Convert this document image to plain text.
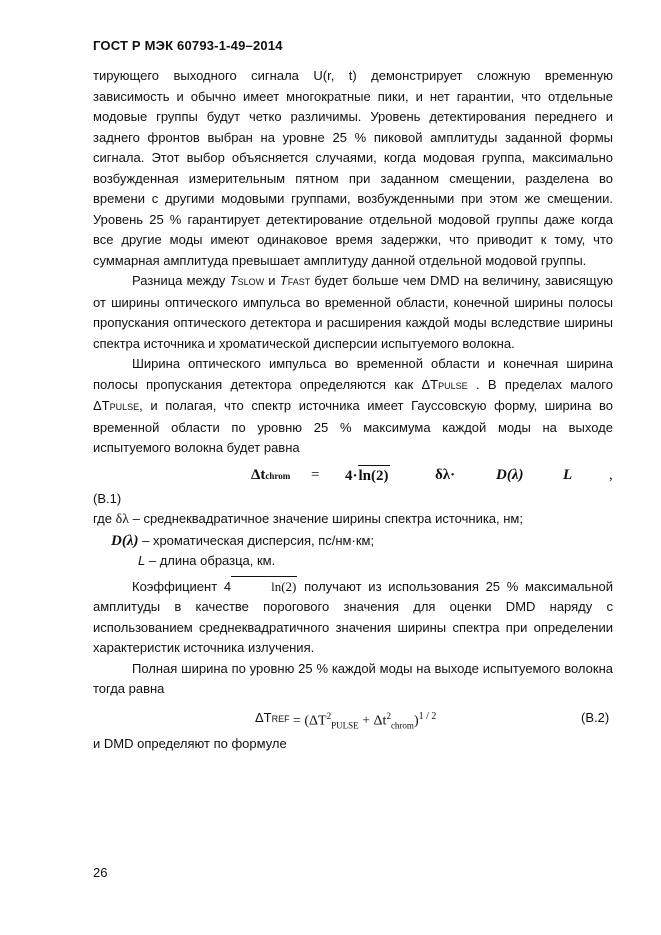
ГОСТ Р МЭК 60793-1-49–2014

тирующего выходного сигнала U(r, t) демонстрирует сложную временную зависимость и обычно имеет многократные пики, и нет гарантии, что отдельные модовые группы будут четко различимы. Уровень детектирования переднего и заднего фронтов выбран на уровне 25 % пиковой амплитуды заданной формы сигнала. Этот выбор объясняется случаями, когда модовая группа, максимально возбужденная измерительным пятном при заданном смещении, разделена во времени с другими модовыми группами, возбужденными при этом же смещении. Уровень 25 % гарантирует детектирование отдельной модовой группы даже когда все другие моды имеют одинаковое время задержки, что приводит к тому, что суммарная амплитуда превышает амплитуду данной отдельной модовой группы.

Разница между TSLOW и TFAST будет больше чем DMD на величину, зависящую от ширины оптического импульса во временной области, конечной ширины полосы пропускания оптического детектора и расширения каждой моды вследствие ширины спектра источника и хроматической дисперсии испытуемого волокна.

Ширина оптического импульса во временной области и конечная ширина полосы пропускания детектора определяются как ΔTPULSE . В пределах малого ΔTPULSE, и полагая, что спектр источника имеет Гауссовскую форму, ширина во временной области по уровню 25 % максимума каждой моды на выходе испытуемого волокна будет равна

Δtchrom = 4·ln(2)	δλ·	D(λ)	L ,

(B.1)

где δλ – среднеквадратичное значение ширины спектра источника, нм;

D(λ) – хроматическая дисперсия, пс/нм·км;

L – длина образца, км.

Коэффициент 4	ln(2) получают из использования 25 % максимальной амплитуды в качестве порогового значения для оценки DMD наряду с использованием среднеквадратичного значения ширины спектра при определении характеристик источника излучения.

Полная ширина по уровню 25 % каждой моды на выходе испытуемого волокна тогда равна

ΔTREF = $(\Delta T^2_{PULSE} + \Delta t^2_{chrom})^{1 / 2}$	(B.2)

и DMD определяют по формуле

26
